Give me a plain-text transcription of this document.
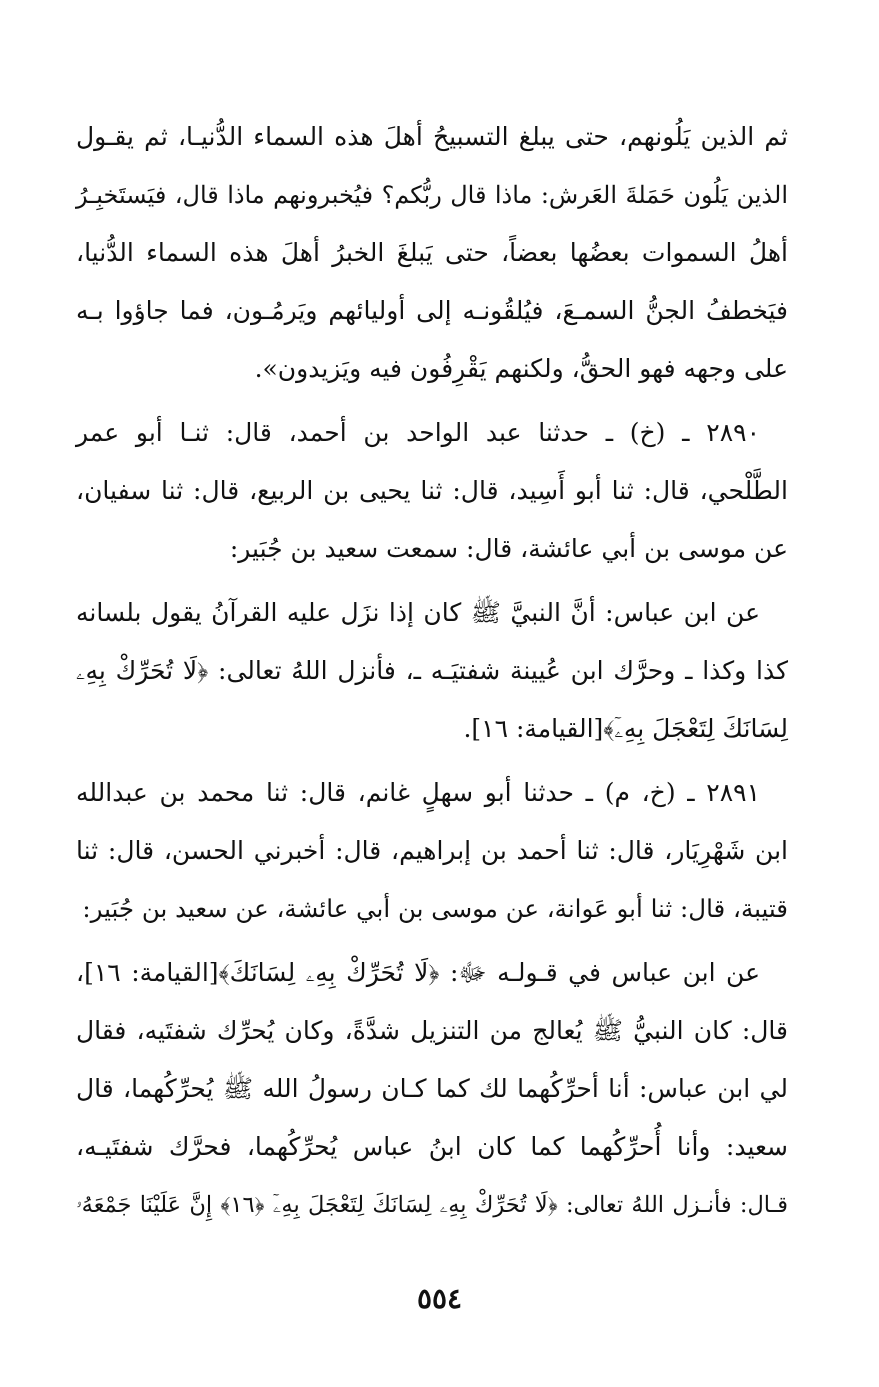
ثم الذين يَلُونهم، حتى يبلغ التسبيحُ أهلَ هذه السماء الدُّنيـا، ثم يقـول
الذين يَلُون حَمَلةَ العَرش: ماذا قال ربُّكم؟ فيُخبرونهم ماذا قال، فيَستَخبِـرُ
أهلُ السموات بعضُها بعضاً، حتى يَبلغَ الخبرُ أهلَ هذه السماء الدُّنيا،
فيَخطفُ الجنُّ السمـعَ، فيُلقُونـه إلى أوليائهم ويَرمُـون، فما جاؤوا بـه
على وجهه فهو الحقُّ، ولكنهم يَقْرِفُون فيه ويَزيدون».
٢٨٩٠ ـ (خ) ـ حدثنا عبد الواحد بن أحمد، قال: ثنـا أبو عمر
الطَّلْحي، قال: ثنا أبو أَسِيد، قال: ثنا يحيى بن الربيع، قال: ثنا سفيان،
عن موسى بن أبي عائشة، قال: سمعت سعيد بن جُبَير:
عن ابن عباس: أنَّ النبيَّ ﷺ كان إذا نزَل عليه القرآنُ يقول بلسانه
كذا وكذا ـ وحرَّك ابن عُيينة شفتيَـه ـ، فأنزل اللهُ تعالى: ﴿لَا تُحَرِّكْ بِهِۦ
لِسَانَكَ لِتَعْجَلَ بِهِۦٓ﴾[القيامة: ١٦].
٢٨٩١ ـ (خ، م) ـ حدثنا أبو سهلٍ غانم، قال: ثنا محمد بن عبدالله
ابن شَهْرِيَار، قال: ثنا أحمد بن إبراهيم، قال: أخبرني الحسن، قال: ثنا
قتيبة، قال: ثنا أبو عَوانة، عن موسى بن أبي عائشة، عن سعيد بن جُبَير:
عن ابن عباس في قـولـه ﷻ: ﴿لَا تُحَرِّكْ بِهِۦ لِسَانَكَ﴾[القيامة: ١٦]،
قال: كان النبيُّ ﷺ يُعالج من التنزيل شدَّةً، وكان يُحرِّك شفتَيه، فقال
لي ابن عباس: أنا أحرِّكُهما لك كما كـان رسولُ الله ﷺ يُحرِّكُهما، قال
سعيد: وأنا أُحرِّكُهما كما كان ابنُ عباس يُحرِّكُهما، فحرَّك شفتَيـه،
قـال: فأنـزل اللهُ تعالى: ﴿لَا تُحَرِّكْ بِهِۦ لِسَانَكَ لِتَعْجَلَ بِهِۦٓ ﴿١٦﴾ إِنَّ عَلَيْنَا جَمْعَهُۥ
٥٥٤
